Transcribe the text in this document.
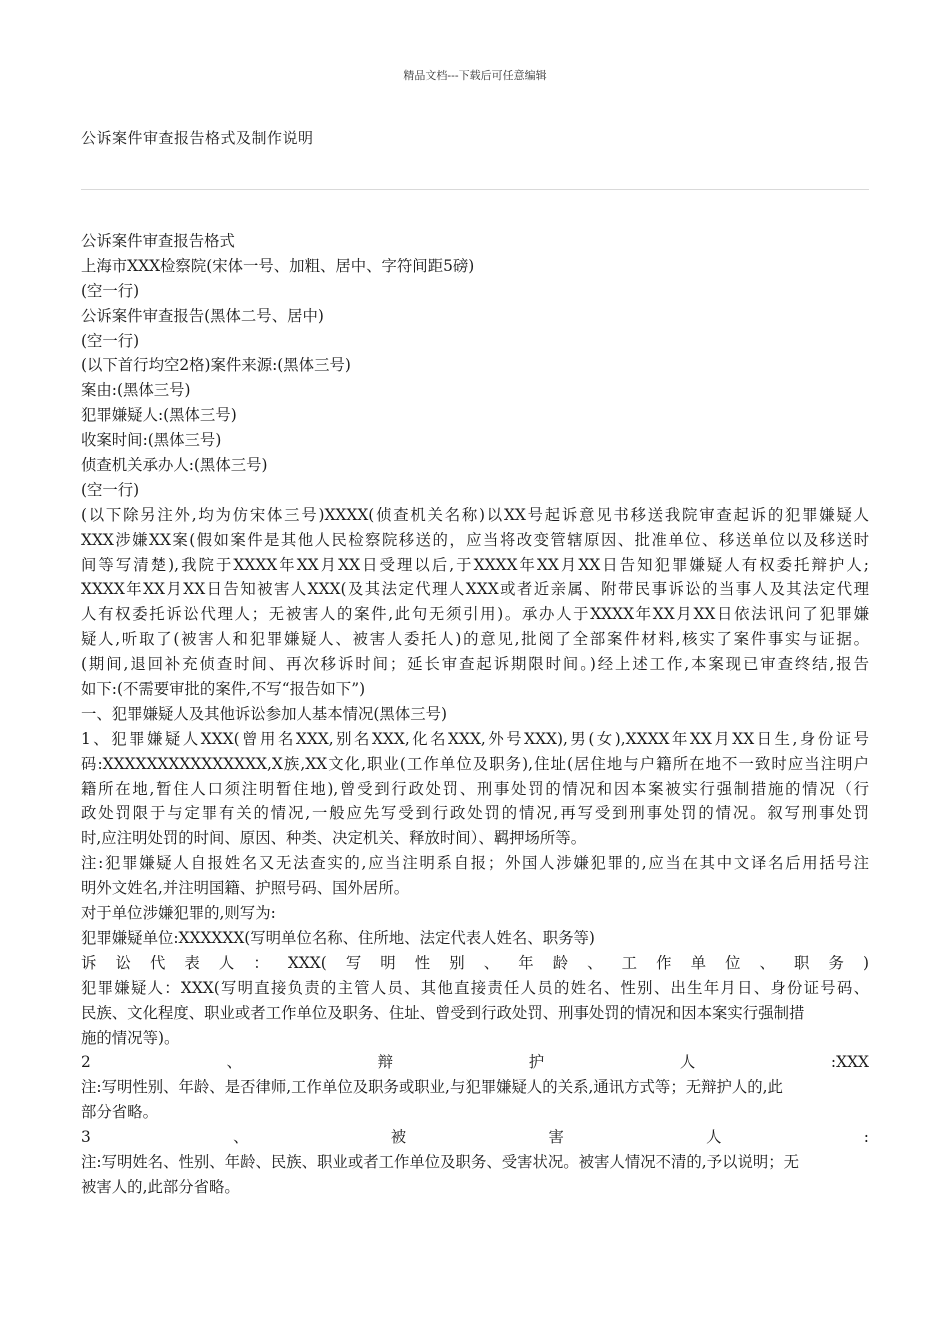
精品文档---下载后可任意编辑
公诉案件审查报告格式及制作说明
公诉案件审查报告格式
上海市XXX检察院(宋体一号、加粗、居中、字符间距5磅)
(空一行)
公诉案件审查报告(黑体二号、居中)
(空一行)
(以下首行均空2格)案件来源:(黑体三号)
案由:(黑体三号)
犯罪嫌疑人:(黑体三号)
收案时间:(黑体三号)
侦查机关承办人:(黑体三号)
(空一行)
(以下除另注外,均为仿宋体三号)XXXX(侦查机关名称)以XX号起诉意见书移送我院审查起诉的犯罪嫌疑人
XXX涉嫌XX案(假如案件是其他人民检察院移送的，应当将改变管辖原因、批准单位、移送单位以及移送时
间等写清楚),我院于XXXX年XX月XX日受理以后,于XXXX年XX月XX日告知犯罪嫌疑人有权委托辩护人;
XXXX年XX月XX日告知被害人XXX(及其法定代理人XXX或者近亲属、附带民事诉讼的当事人及其法定代理
人有权委托诉讼代理人；无被害人的案件,此句无须引用)。承办人于XXXX年XX月XX日依法讯问了犯罪嫌
疑人,听取了(被害人和犯罪嫌疑人、被害人委托人)的意见,批阅了全部案件材料,核实了案件事实与证据。
(期间,退回补充侦查时间、再次移诉时间；延长审查起诉期限时间。)经上述工作,本案现已审查终结,报告
如下:(不需要审批的案件,不写“报告如下”)
一、犯罪嫌疑人及其他诉讼参加人基本情况(黑体三号)
1、犯罪嫌疑人XXX(曾用名XXX,别名XXX,化名XXX,外号XXX),男(女),XXXX年XX月XX日生,身份证号
码:XXXXXXXXXXXXXXX,X族,XX文化,职业(工作单位及职务),住址(居住地与户籍所在地不一致时应当注明户
籍所在地,暂住人口须注明暂住地),曾受到行政处罚、刑事处罚的情况和因本案被实行强制措施的情况（行
政处罚限于与定罪有关的情况,一般应先写受到行政处罚的情况,再写受到刑事处罚的情况。叙写刑事处罚
时,应注明处罚的时间、原因、种类、决定机关、释放时间）、羁押场所等。
注:犯罪嫌疑人自报姓名又无法查实的,应当注明系自报；外国人涉嫌犯罪的,应当在其中文译名后用括号注
明外文姓名,并注明国籍、护照号码、国外居所。
对于单位涉嫌犯罪的,则写为:
犯罪嫌疑单位:XXXXXX(写明单位名称、住所地、法定代表人姓名、职务等)
诉讼代表人：XXX(写明性别、年龄、工作单位、职务)
犯罪嫌疑人：XXX(写明直接负责的主管人员、其他直接责任人员的姓名、性别、出生年月日、身份证号码、
民族、文化程度、职业或者工作单位及职务、住址、曾受到行政处罚、刑事处罚的情况和因本案实行强制措
施的情况等)。
2、辩护人:XXX
注:写明性别、年龄、是否律师,工作单位及职务或职业,与犯罪嫌疑人的关系,通讯方式等；无辩护人的,此
部分省略。
3、被害人:
注:写明姓名、性别、年龄、民族、职业或者工作单位及职务、受害状况。被害人情况不清的,予以说明；无
被害人的,此部分省略。
